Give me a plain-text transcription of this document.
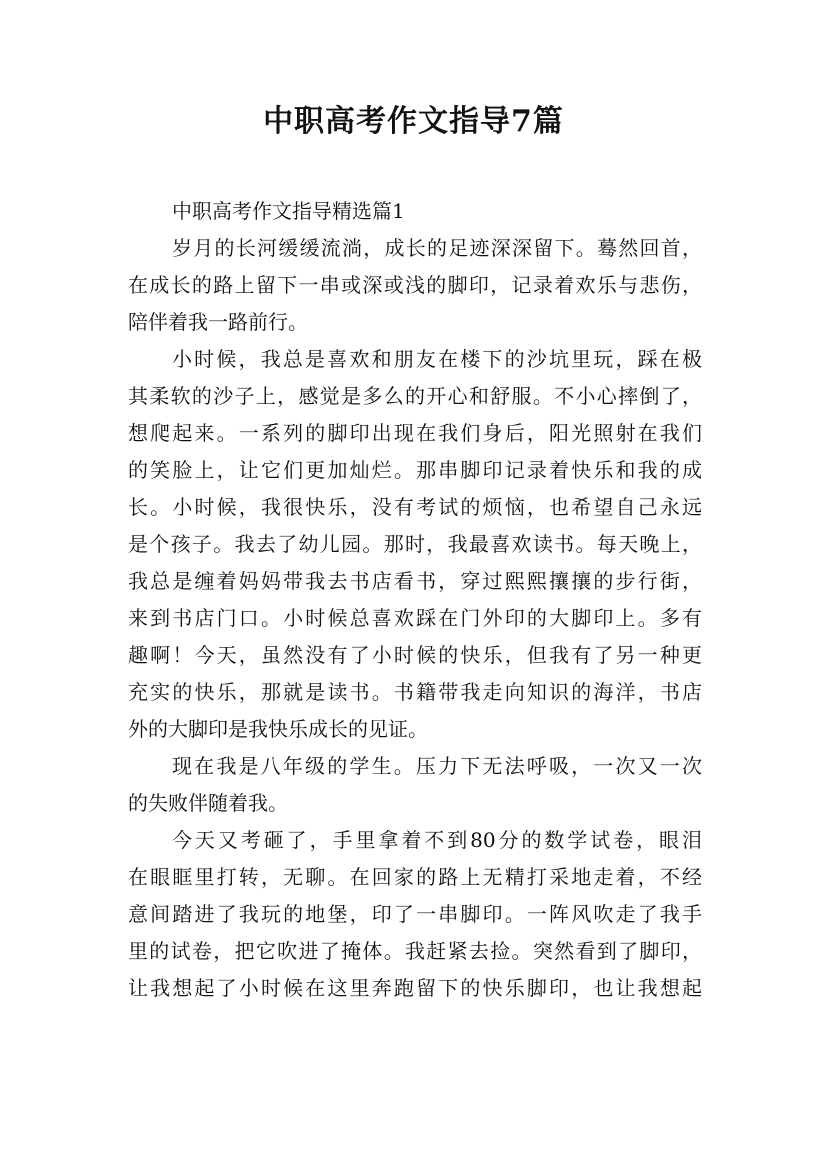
中职高考作文指导7篇

中职高考作文指导精选篇1

岁月的长河缓缓流淌，成长的足迹深深留下。蓦然回首，
在成长的路上留下一串或深或浅的脚印，记录着欢乐与悲伤，
陪伴着我一路前行。
小时候，我总是喜欢和朋友在楼下的沙坑里玩，踩在极
其柔软的沙子上，感觉是多么的开心和舒服。不小心摔倒了，
想爬起来。一系列的脚印出现在我们身后，阳光照射在我们
的笑脸上，让它们更加灿烂。那串脚印记录着快乐和我的成
长。小时候，我很快乐，没有考试的烦恼，也希望自己永远
是个孩子。我去了幼儿园。那时，我最喜欢读书。每天晚上，
我总是缠着妈妈带我去书店看书，穿过熙熙攘攘的步行街，
来到书店门口。小时候总喜欢踩在门外印的大脚印上。多有
趣啊！今天，虽然没有了小时候的快乐，但我有了另一种更
充实的快乐，那就是读书。书籍带我走向知识的海洋，书店
外的大脚印是我快乐成长的见证。
现在我是八年级的学生。压力下无法呼吸，一次又一次
的失败伴随着我。
今天又考砸了，手里拿着不到80分的数学试卷，眼泪
在眼眶里打转，无聊。在回家的路上无精打采地走着，不经
意间踏进了我玩的地堡，印了一串脚印。一阵风吹走了我手
里的试卷，把它吹进了掩体。我赶紧去捡。突然看到了脚印，
让我想起了小时候在这里奔跑留下的快乐脚印，也让我想起
